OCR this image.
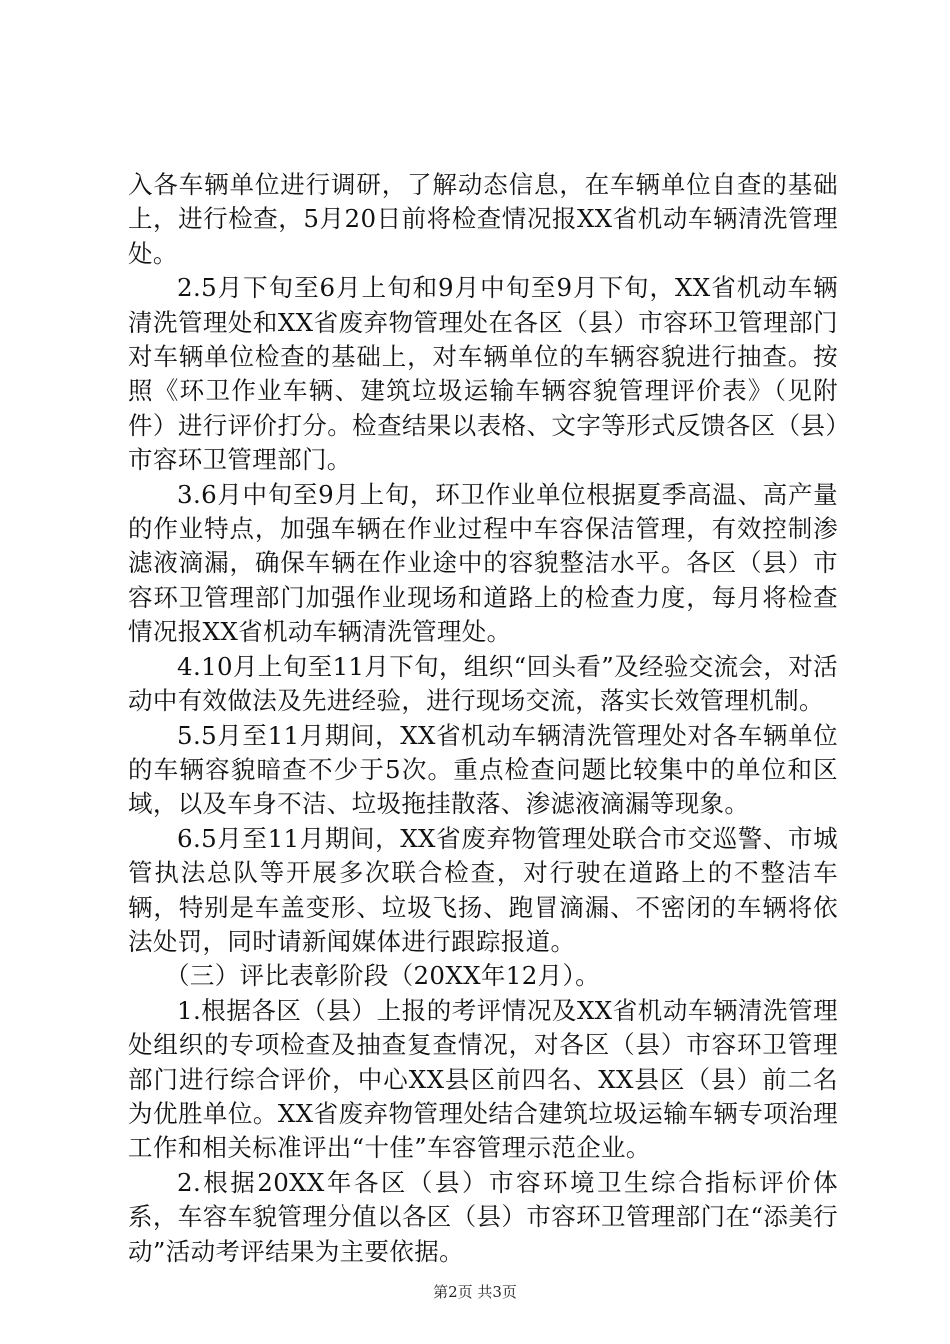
入各车辆单位进行调研，了解动态信息，在车辆单位自查的基础上，进行检查，5月20日前将检查情况报XX省机动车辆清洗管理处。

2.5月下旬至6月上旬和9月中旬至9月下旬，XX省机动车辆清洗管理处和XX省废弃物管理处在各区（县）市容环卫管理部门对车辆单位检查的基础上，对车辆单位的车辆容貌进行抽查。按照《环卫作业车辆、建筑垃圾运输车辆容貌管理评价表》（见附件）进行评价打分。检查结果以表格、文字等形式反馈各区（县）市容环卫管理部门。

3.6月中旬至9月上旬，环卫作业单位根据夏季高温、高产量的作业特点，加强车辆在作业过程中车容保洁管理，有效控制渗滤液滴漏，确保车辆在作业途中的容貌整洁水平。各区（县）市容环卫管理部门加强作业现场和道路上的检查力度，每月将检查情况报XX省机动车辆清洗管理处。

4.10月上旬至11月下旬，组织“回头看”及经验交流会，对活动中有效做法及先进经验，进行现场交流，落实长效管理机制。

5.5月至11月期间，XX省机动车辆清洗管理处对各车辆单位的车辆容貌暗查不少于5次。重点检查问题比较集中的单位和区域，以及车身不洁、垃圾拖挂散落、渗滤液滴漏等现象。

6.5月至11月期间，XX省废弃物管理处联合市交巡警、市城管执法总队等开展多次联合检查，对行驶在道路上的不整洁车辆，特别是车盖变形、垃圾飞扬、跑冒滴漏、不密闭的车辆将依法处罚，同时请新闻媒体进行跟踪报道。

（三）评比表彰阶段（20XX年12月）。

1.根据各区（县）上报的考评情况及XX省机动车辆清洗管理处组织的专项检查及抽查复查情况，对各区（县）市容环卫管理部门进行综合评价，中心XX县区前四名、XX县区（县）前二名为优胜单位。XX省废弃物管理处结合建筑垃圾运输车辆专项治理工作和相关标准评出“十佳”车容管理示范企业。

2.根据20XX年各区（县）市容环境卫生综合指标评价体系，车容车貌管理分值以各区（县）市容环卫管理部门在“添美行动”活动考评结果为主要依据。

第2页 共3页
